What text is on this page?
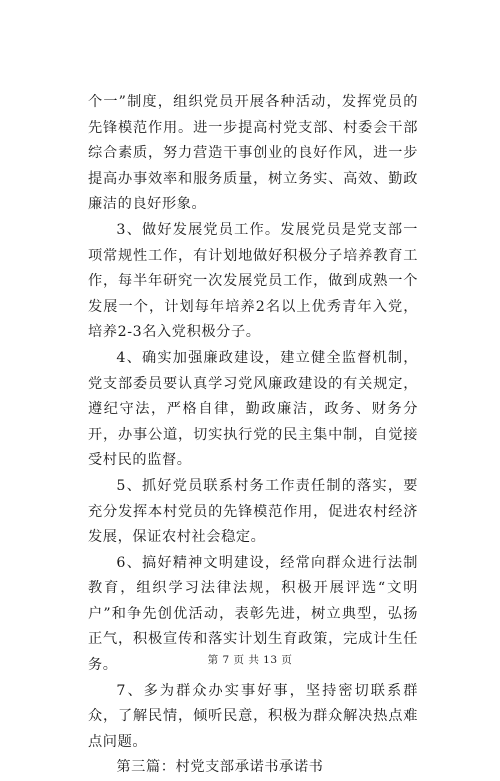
个一”制度，组织党员开展各种活动，发挥党员的先锋模范作用。进一步提高村党支部、村委会干部综合素质，努力营造干事创业的良好作风，进一步提高办事效率和服务质量，树立务实、高效、勤政廉洁的良好形象。

3、做好发展党员工作。发展党员是党支部一项常规性工作，有计划地做好积极分子培养教育工作，每半年研究一次发展党员工作，做到成熟一个发展一个，计划每年培养2名以上优秀青年入党，培养2-3名入党积极分子。

4、确实加强廉政建设，建立健全监督机制，党支部委员要认真学习党风廉政建设的有关规定，遵纪守法，严格自律，勤政廉洁，政务、财务分开，办事公道，切实执行党的民主集中制，自觉接受村民的监督。

5、抓好党员联系村务工作责任制的落实，要充分发挥本村党员的先锋模范作用，促进农村经济发展，保证农村社会稳定。

6、搞好精神文明建设，经常向群众进行法制教育，组织学习法律法规，积极开展评选“文明户”和争先创优活动，表彰先进，树立典型，弘扬正气，积极宣传和落实计划生育政策，完成计生任务。

7、多为群众办实事好事，坚持密切联系群众，了解民情，倾听民意，积极为群众解决热点难点问题。

第三篇：村党支部承诺书承诺书

第 7 页 共 13 页
